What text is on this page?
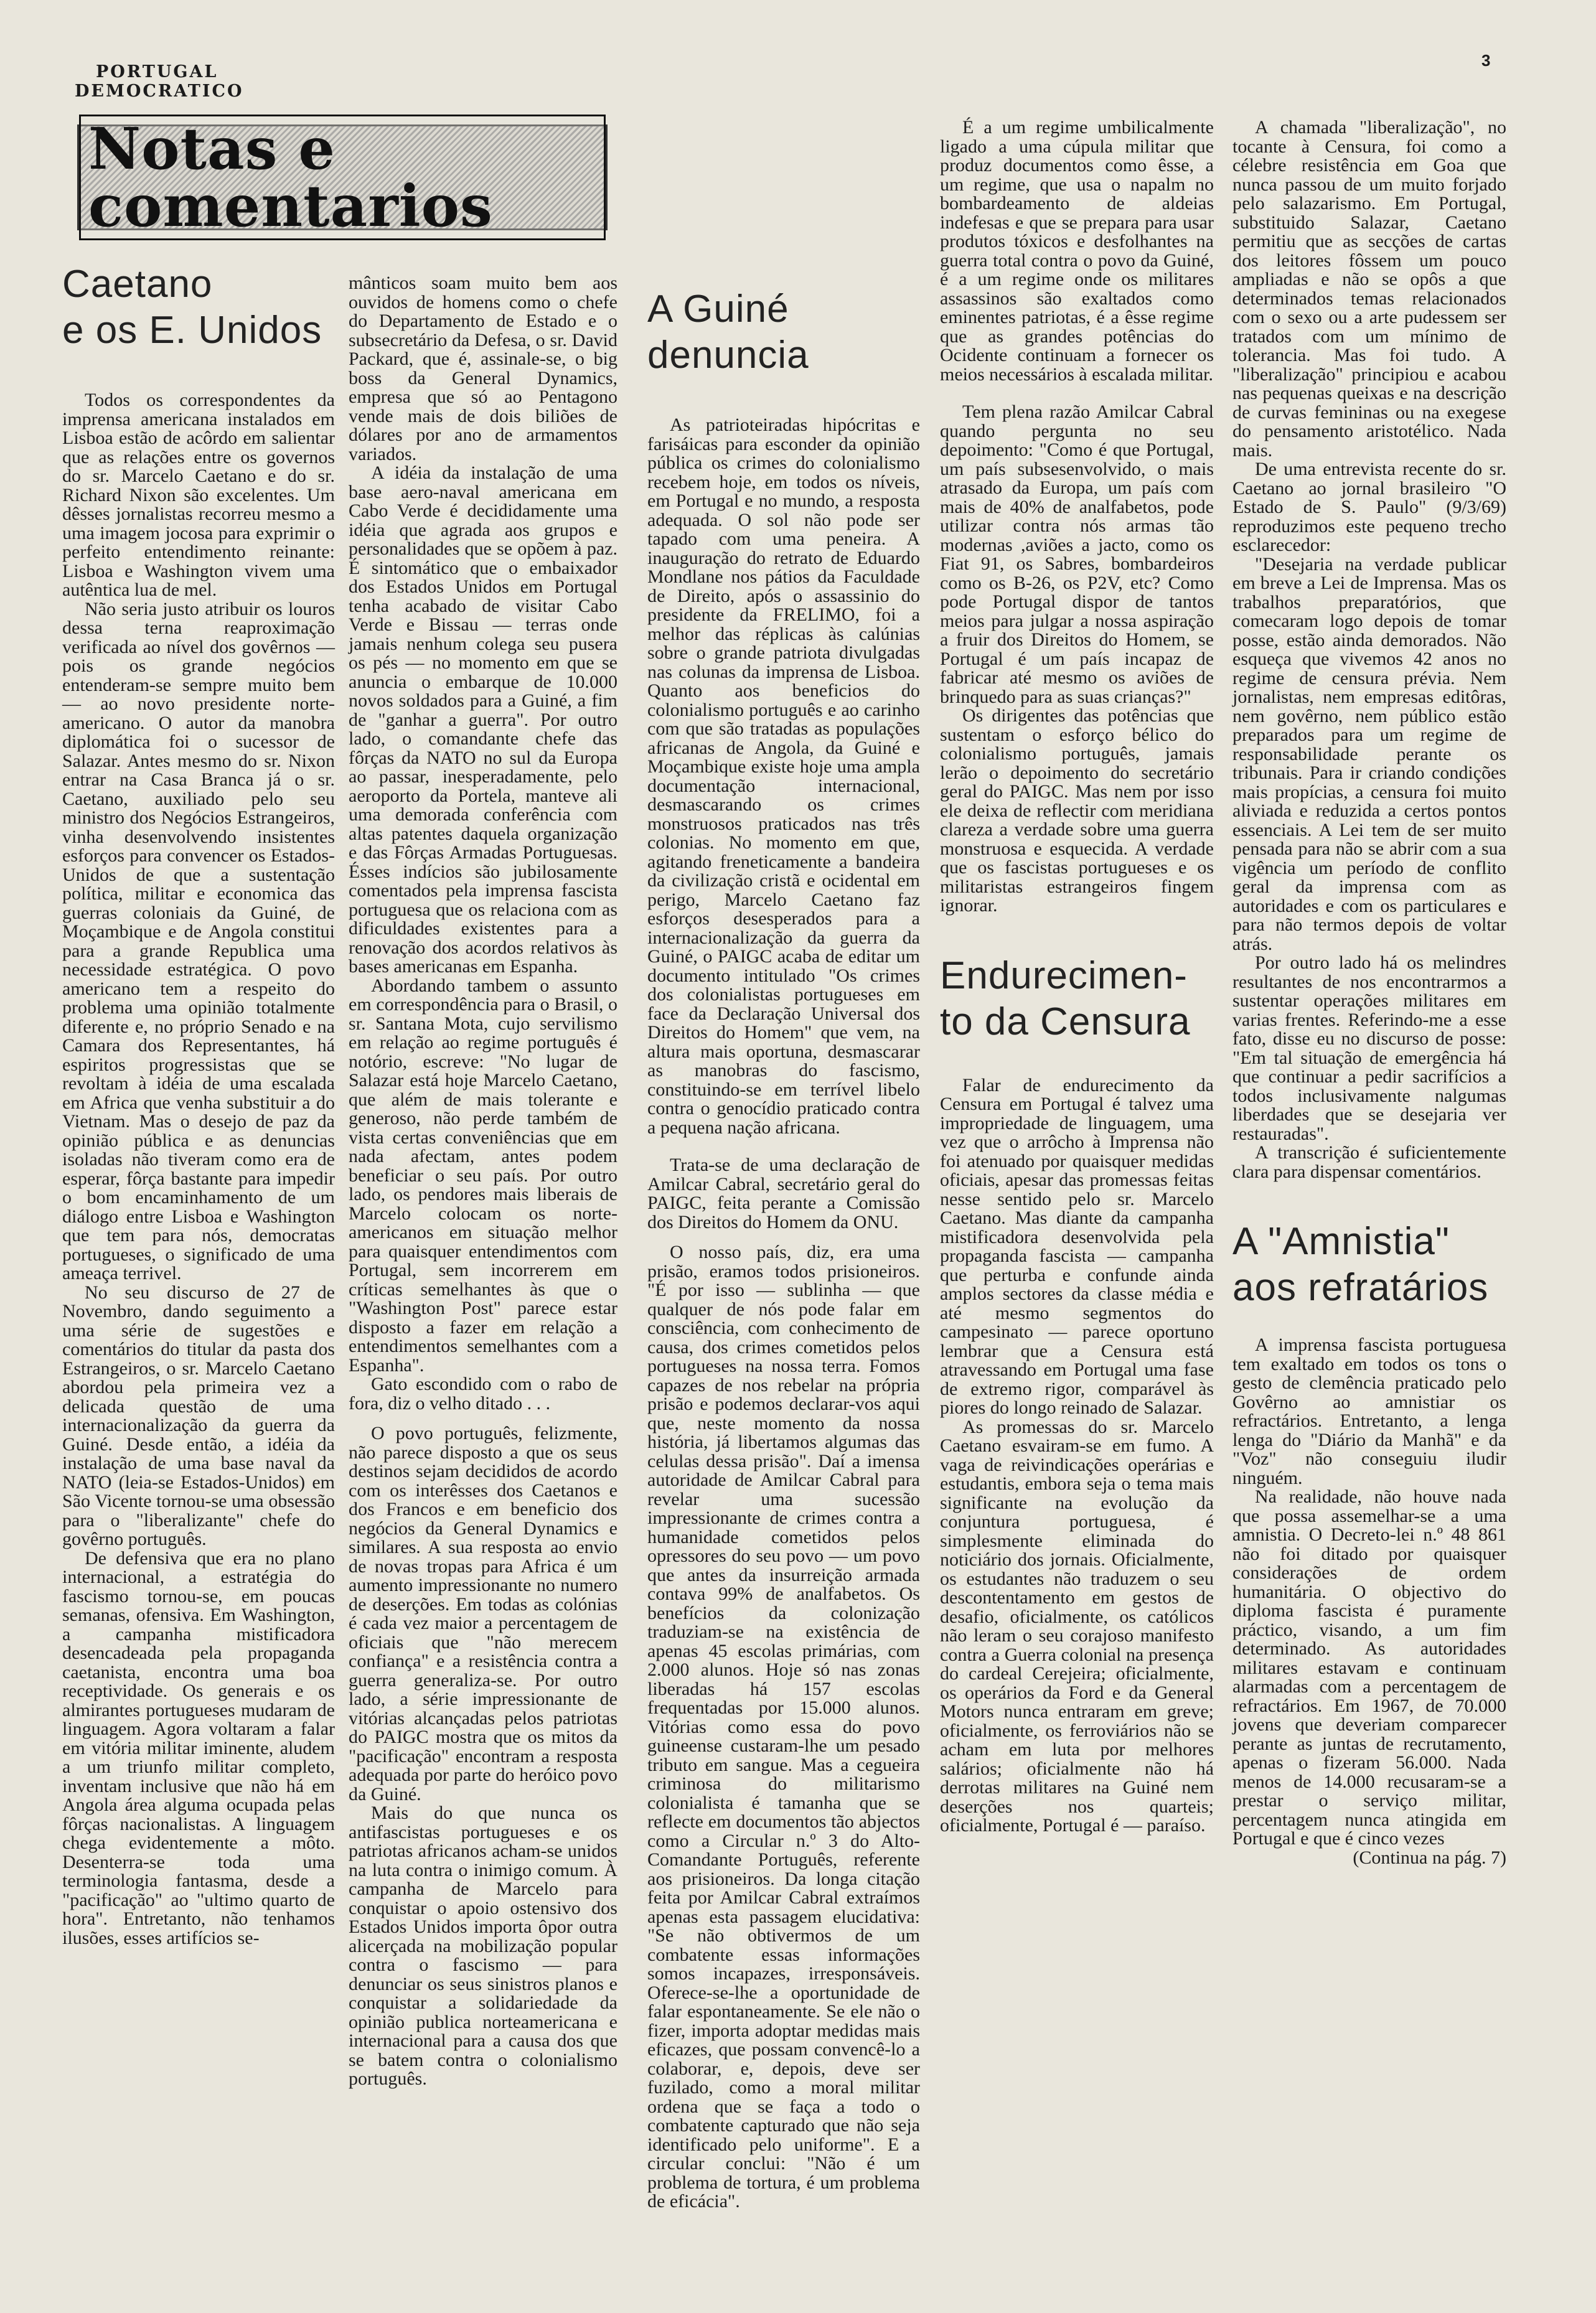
PORTUGAL
DEMOCRATICO
3
Notas e comentarios
Caetano
e os E. Unidos

Todos os correspondentes da imprensa americana instalados em Lisboa estão de acôrdo em salientar que as relações entre os governos do sr. Marcelo Caetano e do sr. Richard Nixon são excelentes. Um dêsses jornalistas recorreu mesmo a uma imagem jocosa para exprimir o perfeito entendimento reinante: Lisboa e Washington vivem uma autêntica lua de mel.

Não seria justo atribuir os louros dessa terna reaproximação verificada ao nível dos govêrnos — pois os grande negócios entenderam-se sempre muito bem — ao novo presidente norte-americano. O autor da manobra diplomática foi o sucessor de Salazar. Antes mesmo do sr. Nixon entrar na Casa Branca já o sr. Caetano, auxiliado pelo seu ministro dos Negócios Estrangeiros, vinha desenvolvendo insistentes esforços para convencer os Estados-Unidos de que a sustentação política, militar e economica das guerras coloniais da Guiné, de Moçambique e de Angola constitui para a grande Republica uma necessidade estratégica. O povo americano tem a respeito do problema uma opinião totalmente diferente e, no próprio Senado e na Camara dos Representantes, há espiritos progressistas que se revoltam à idéia de uma escalada em Africa que venha substituir a do Vietnam. Mas o desejo de paz da opinião pública e as denuncias isoladas não tiveram como era de esperar, fôrça bastante para impedir o bom encaminhamento de um diálogo entre Lisboa e Washington que tem para nós, democratas portugueses, o significado de uma ameaça terrivel.

No seu discurso de 27 de Novembro, dando seguimento a uma série de sugestões e comentários do titular da pasta dos Estrangeiros, o sr. Marcelo Caetano abordou pela primeira vez a delicada questão de uma internacionalização da guerra da Guiné. Desde então, a idéia da instalação de uma base naval da NATO (leia-se Estados-Unidos) em São Vicente tornou-se uma obsessão para o "liberalizante" chefe do govêrno português.

De defensiva que era no plano internacional, a estratégia do fascismo tornou-se, em poucas semanas, ofensiva. Em Washington, a campanha mistificadora desencadeada pela propaganda caetanista, encontra uma boa receptividade. Os generais e os almirantes portugueses mudaram de linguagem. Agora voltaram a falar em vitória militar iminente, aludem a um triunfo militar completo, inventam inclusive que não há em Angola área alguma ocupada pelas fôrças nacionalistas. A linguagem chega evidentemente a môto. Desenterra-se toda uma terminologia fantasma, desde a "pacificação" ao "ultimo quarto de hora". Entretanto, não tenhamos ilusões, esses artifícios se-

mânticos soam muito bem aos ouvidos de homens como o chefe do Departamento de Estado e o subsecretário da Defesa, o sr. David Packard, que é, assinale-se, o big boss da General Dynamics, empresa que só ao Pentagono vende mais de dois biliões de dólares por ano de armamentos variados.

A idéia da instalação de uma base aero-naval americana em Cabo Verde é decididamente uma idéia que agrada aos grupos e personalidades que se opõem à paz. É sintomático que o embaixador dos Estados Unidos em Portugal tenha acabado de visitar Cabo Verde e Bissau — terras onde jamais nenhum colega seu pusera os pés — no momento em que se anuncia o embarque de 10.000 novos soldados para a Guiné, a fim de "ganhar a guerra". Por outro lado, o comandante chefe das fôrças da NATO no sul da Europa ao passar, inesperadamente, pelo aeroporto da Portela, manteve ali uma demorada conferência com altas patentes daquela organização e das Fôrças Armadas Portuguesas. Ésses indícios são jubilosamente comentados pela imprensa fascista portuguesa que os relaciona com as dificuldades existentes para a renovação dos acordos relativos às bases americanas em Espanha.

Abordando tambem o assunto em correspondência para o Brasil, o sr. Santana Mota, cujo servilismo em relação ao regime português é notório, escreve: "No lugar de Salazar está hoje Marcelo Caetano, que além de mais tolerante e generoso, não perde também de vista certas conveniências que em nada afectam, antes podem beneficiar o seu país. Por outro lado, os pendores mais liberais de Marcelo colocam os norte-americanos em situação melhor para quaisquer entendimentos com Portugal, sem incorrerem em críticas semelhantes às que o "Washington Post" parece estar disposto a fazer em relação a entendimentos semelhantes com a Espanha".

Gato escondido com o rabo de fora, diz o velho ditado . . .

O povo português, felizmente, não parece disposto a que os seus destinos sejam decididos de acordo com os interêsses dos Caetanos e dos Francos e em beneficio dos negócios da General Dynamics e similares. A sua resposta ao envio de novas tropas para Africa é um aumento impressionante no numero de deserções. Em todas as colónias é cada vez maior a percentagem de oficiais que "não merecem confiança" e a resistência contra a guerra generaliza-se. Por outro lado, a série impressionante de vitórias alcançadas pelos patriotas do PAIGC mostra que os mitos da "pacificação" encontram a resposta adequada por parte do heróico povo da Guiné.

Mais do que nunca os antifascistas portugueses e os patriotas africanos acham-se unidos na luta contra o inimigo comum. À campanha de Marcelo para conquistar o apoio ostensivo dos Estados Unidos importa ôpor outra alicerçada na mobilização popular contra o fascismo — para denunciar os seus sinistros planos e conquistar a solidariedade da opinião publica norteamericana e internacional para a causa dos que se batem contra o colonialismo português.

A Guiné
denuncia

As patrioteiradas hipócritas e farisáicas para esconder da opinião pública os crimes do colonialismo recebem hoje, em todos os níveis, em Portugal e no mundo, a resposta adequada. O sol não pode ser tapado com uma peneira. A inauguração do retrato de Eduardo Mondlane nos pátios da Faculdade de Direito, após o assassinio do presidente da FRELIMO, foi a melhor das réplicas às calúnias sobre o grande patriota divulgadas nas colunas da imprensa de Lisboa. Quanto aos beneficios do colonialismo português e ao carinho com que são tratadas as populações africanas de Angola, da Guiné e Moçambique existe hoje uma ampla documentação internacional, desmascarando os crimes monstruosos praticados nas três colonias. No momento em que, agitando freneticamente a bandeira da civilização cristã e ocidental em perigo, Marcelo Caetano faz esforços desesperados para a internacionalização da guerra da Guiné, o PAIGC acaba de editar um documento intitulado "Os crimes dos colonialistas portugueses em face da Declaração Universal dos Direitos do Homem" que vem, na altura mais oportuna, desmascarar as manobras do fascismo, constituindo-se em terrível libelo contra o genocídio praticado contra a pequena nação africana.

Trata-se de uma declaração de Amilcar Cabral, secretário geral do PAIGC, feita perante a Comissão dos Direitos do Homem da ONU.

O nosso país, diz, era uma prisão, eramos todos prisioneiros. "É por isso — sublinha — que qualquer de nós pode falar em consciência, com conhecimento de causa, dos crimes cometidos pelos portugueses na nossa terra. Fomos capazes de nos rebelar na própria prisão e podemos declarar-vos aqui que, neste momento da nossa história, já libertamos algumas das celulas dessa prisão". Daí a imensa autoridade de Amilcar Cabral para revelar uma sucessão impressionante de crimes contra a humanidade cometidos pelos opressores do seu povo — um povo que antes da insurreição armada contava 99% de analfabetos. Os benefícios da colonização traduziam-se na existência de apenas 45 escolas primárias, com 2.000 alunos. Hoje só nas zonas liberadas há 157 escolas frequentadas por 15.000 alunos. Vitórias como essa do povo guineense custaram-lhe um pesado tributo em sangue. Mas a cegueira criminosa do militarismo colonialista é tamanha que se reflecte em documentos tão abjectos como a Circular n.º 3 do Alto-Comandante Português, referente aos prisioneiros. Da longa citação feita por Amilcar Cabral extraímos apenas esta passagem elucidativa: "Se não obtivermos de um combatente essas informações somos incapazes, irresponsáveis. Oferece-se-lhe a oportunidade de falar espontaneamente. Se ele não o fizer, importa adoptar medidas mais eficazes, que possam convencê-lo a colaborar, e, depois, deve ser fuzilado, como a moral militar ordena que se faça a todo o combatente capturado que não seja identificado pelo uniforme". E a circular conclui: "Não é um problema de tortura, é um problema de eficácia".

É a um regime umbilicalmente ligado a uma cúpula militar que produz documentos como êsse, a um regime, que usa o napalm no bombardeamento de aldeias indefesas e que se prepara para usar produtos tóxicos e desfolhantes na guerra total contra o povo da Guiné, é a um regime onde os militares assassinos são exaltados como eminentes patriotas, é a êsse regime que as grandes potências do Ocidente continuam a fornecer os meios necessários à escalada militar.

Tem plena razão Amilcar Cabral quando pergunta no seu depoimento: "Como é que Portugal, um país subsesenvolvido, o mais atrasado da Europa, um país com mais de 40% de analfabetos, pode utilizar contra nós armas tão modernas ,aviões a jacto, como os Fiat 91, os Sabres, bombardeiros como os B-26, os P2V, etc? Como pode Portugal dispor de tantos meios para julgar a nossa aspiração a fruir dos Direitos do Homem, se Portugal é um país incapaz de fabricar até mesmo os aviões de brinquedo para as suas crianças?"

Os dirigentes das potências que sustentam o esforço bélico do colonialismo português, jamais lerão o depoimento do secretário geral do PAIGC. Mas nem por isso ele deixa de reflectir com meridiana clareza a verdade sobre uma guerra monstruosa e esquecida. A verdade que os fascistas portugueses e os militaristas estrangeiros fingem ignorar.

Endurecimen-
to da Censura

Falar de endurecimento da Censura em Portugal é talvez uma impropriedade de linguagem, uma vez que o arrôcho à Imprensa não foi atenuado por quaisquer medidas oficiais, apesar das promessas feitas nesse sentido pelo sr. Marcelo Caetano. Mas diante da campanha mistificadora desenvolvida pela propaganda fascista — campanha que perturba e confunde ainda amplos sectores da classe média e até mesmo segmentos do campesinato — parece oportuno lembrar que a Censura está atravessando em Portugal uma fase de extremo rigor, comparável às piores do longo reinado de Salazar.

As promessas do sr. Marcelo Caetano esvairam-se em fumo. A vaga de reivindicações operárias e estudantis, embora seja o tema mais significante na evolução da conjuntura portuguesa, é simplesmente eliminada do noticiário dos jornais. Oficialmente, os estudantes não traduzem o seu descontentamento em gestos de desafio, oficialmente, os católicos não leram o seu corajoso manifesto contra a Guerra colonial na presença do cardeal Cerejeira; oficialmente, os operários da Ford e da General Motors nunca entraram em greve; oficialmente, os ferroviários não se acham em luta por melhores salários; oficialmente não há derrotas militares na Guiné nem deserções nos quarteis; oficialmente, Portugal é — paraíso.

A chamada "liberalização", no tocante à Censura, foi como a célebre resistência em Goa que nunca passou de um muito forjado pelo salazarismo. Em Portugal, substituido Salazar, Caetano permitiu que as secções de cartas dos leitores fôssem um pouco ampliadas e não se opôs a que determinados temas relacionados com o sexo ou a arte pudessem ser tratados com um mínimo de tolerancia. Mas foi tudo. A "liberalização" principiou e acabou nas pequenas queixas e na descrição de curvas femininas ou na exegese do pensamento aristotélico. Nada mais.

De uma entrevista recente do sr. Caetano ao jornal brasileiro "O Estado de S. Paulo" (9/3/69) reproduzimos este pequeno trecho esclarecedor:

"Desejaria na verdade publicar em breve a Lei de Imprensa. Mas os trabalhos preparatórios, que comecaram logo depois de tomar posse, estão ainda demorados. Não esqueça que vivemos 42 anos no regime de censura prévia. Nem jornalistas, nem empresas editôras, nem govêrno, nem público estão preparados para um regime de responsabilidade perante os tribunais. Para ir criando condições mais propícias, a censura foi muito aliviada e reduzida a certos pontos essenciais. A Lei tem de ser muito pensada para não se abrir com a sua vigência um período de conflito geral da imprensa com as autoridades e com os particulares e para não termos depois de voltar atrás.

Por outro lado há os melindres resultantes de nos encontrarmos a sustentar operações militares em varias frentes. Referindo-me a esse fato, disse eu no discurso de posse: "Em tal situação de emergência há que continuar a pedir sacrifícios a todos inclusivamente nalgumas liberdades que se desejaria ver restauradas".

A transcrição é suficientemente clara para dispensar comentários.

A "Amnistia"
aos refratários

A imprensa fascista portuguesa tem exaltado em todos os tons o gesto de clemência praticado pelo Govêrno ao amnistiar os refractários. Entretanto, a lenga lenga do "Diário da Manhã" e da "Voz" não conseguiu iludir ninguém.

Na realidade, não houve nada que possa assemelhar-se a uma amnistia. O Decreto-lei n.º 48 861 não foi ditado por quaisquer considerações de ordem humanitária. O objectivo do diploma fascista é puramente práctico, visando, a um fim determinado. As autoridades militares estavam e continuam alarmadas com a percentagem de refractários. Em 1967, de 70.000 jovens que deveriam comparecer perante as juntas de recrutamento, apenas o fizeram 56.000. Nada menos de 14.000 recusaram-se a prestar o serviço militar, percentagem nunca atingida em Portugal e que é cinco vezes

(Continua na pág. 7)
